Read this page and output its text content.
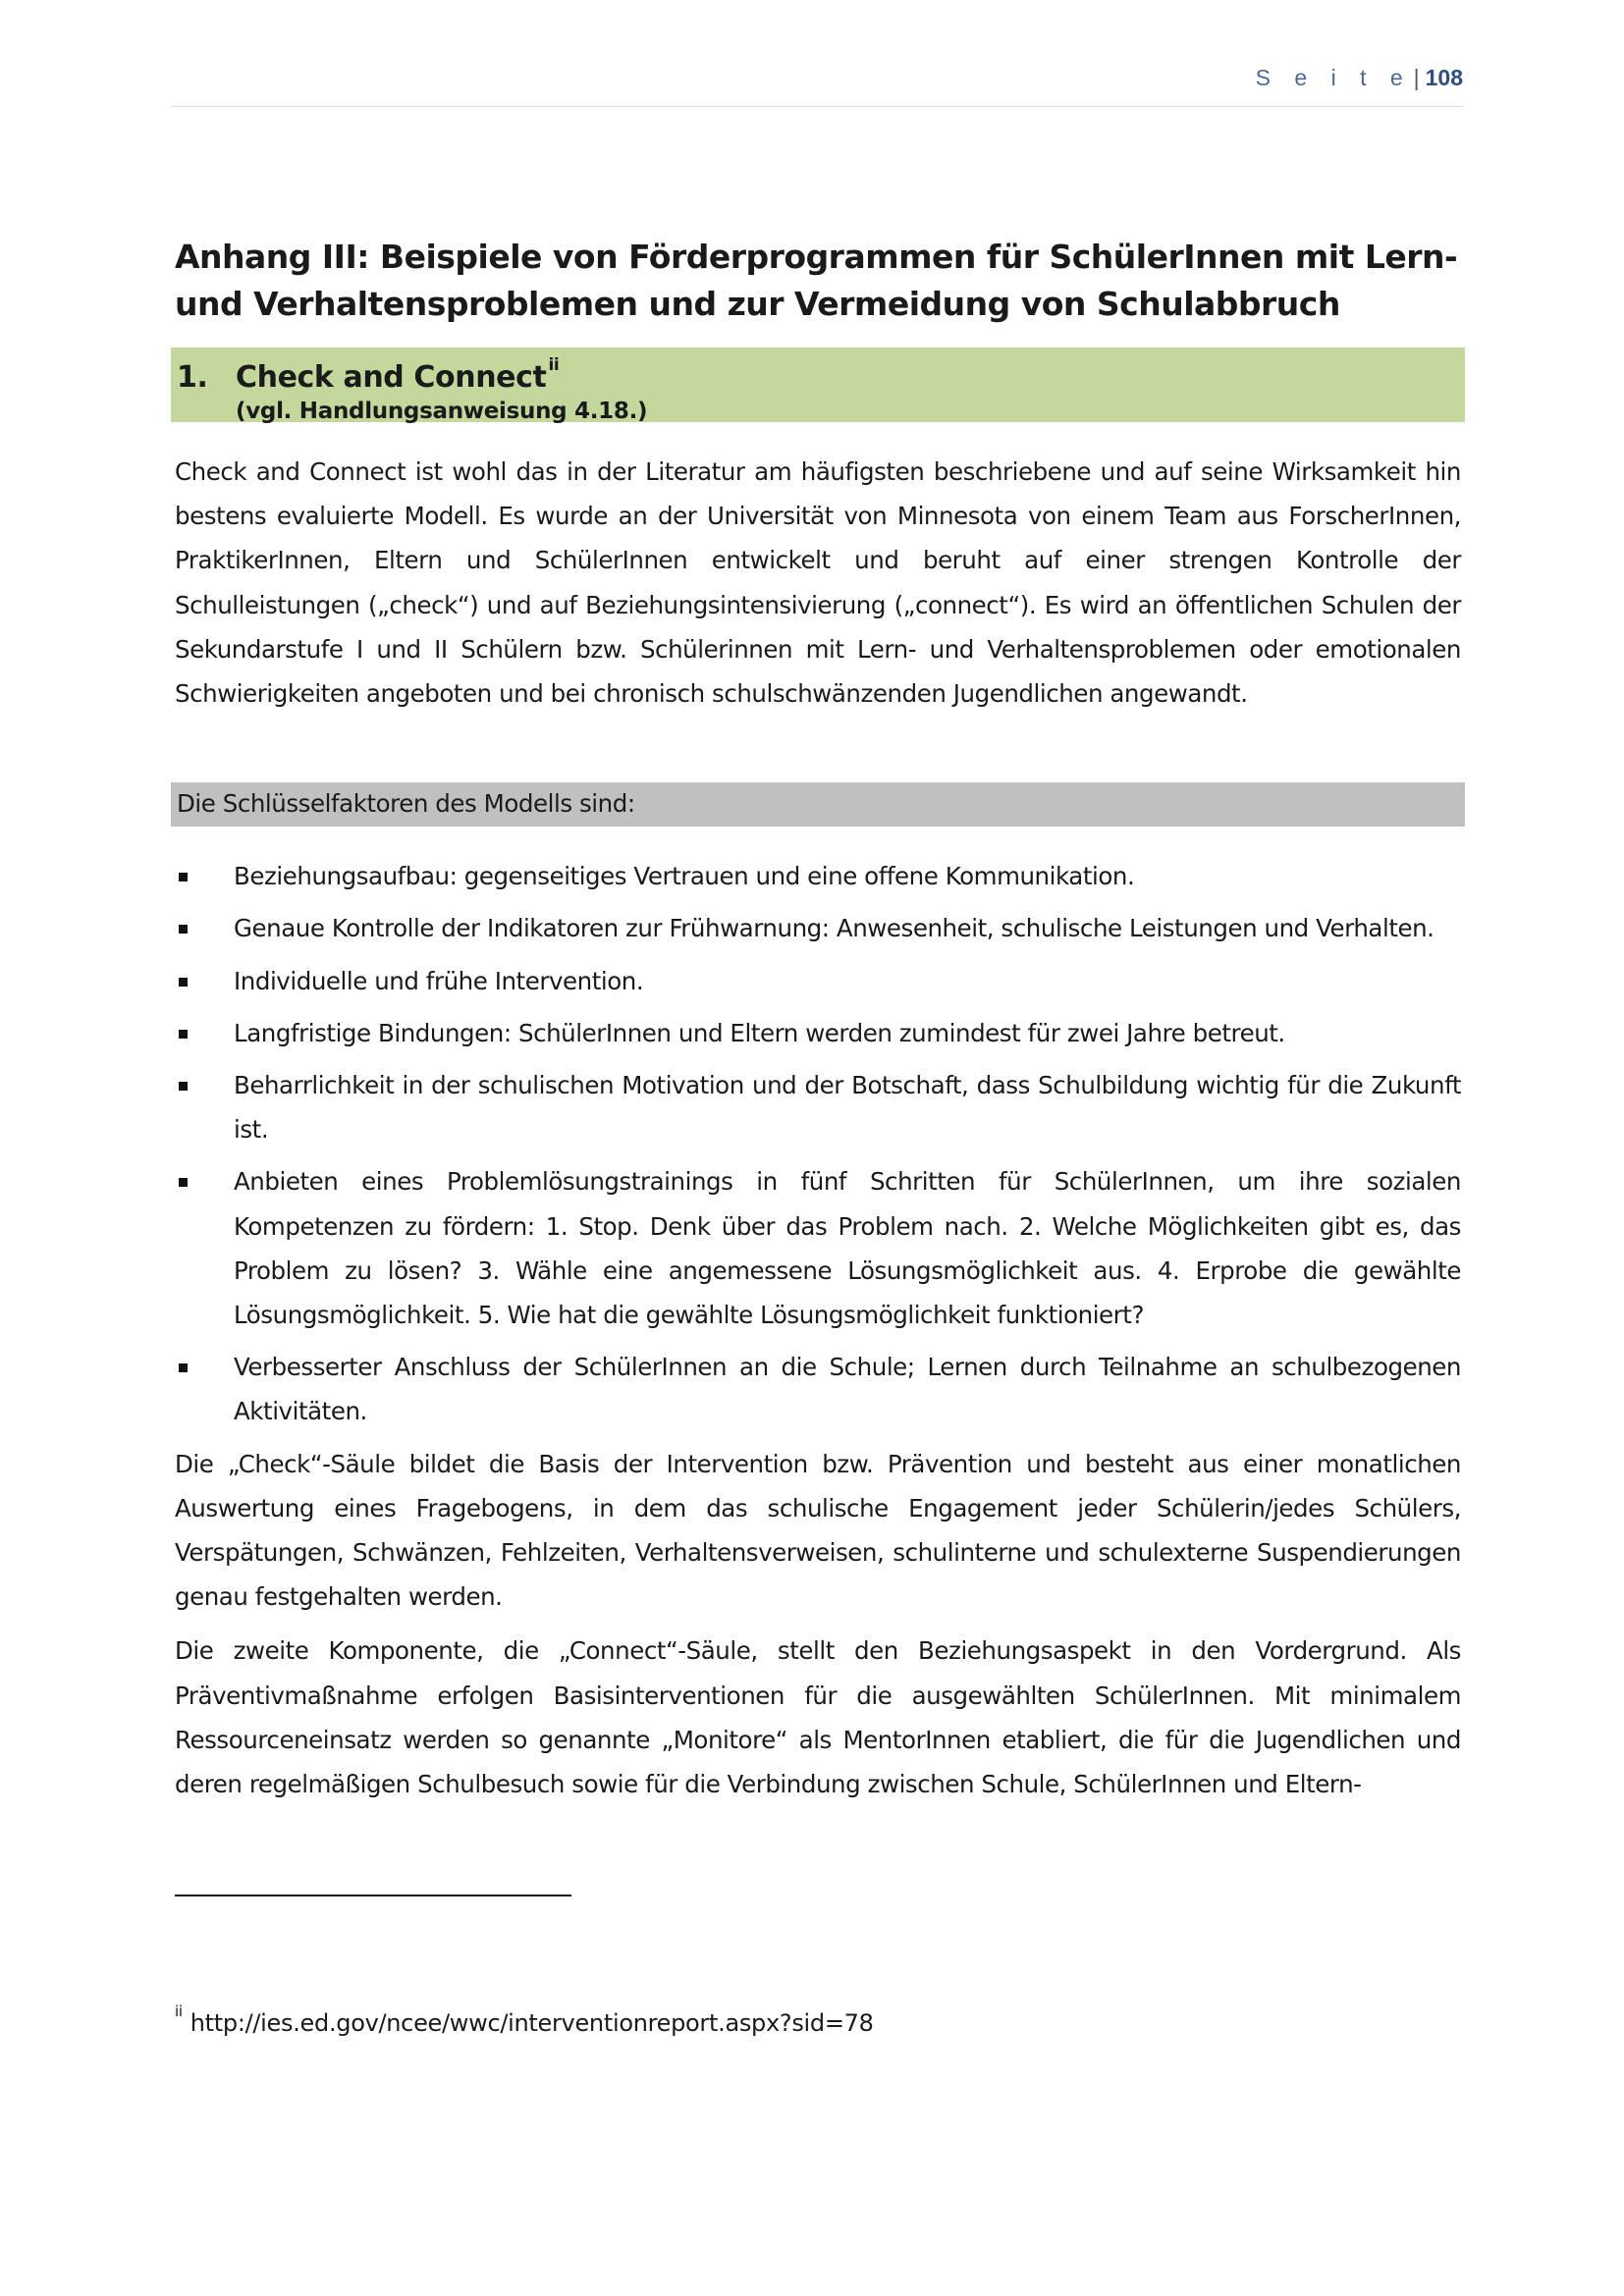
S e i t e| 108
Anhang III: Beispiele von Förderprogrammen für SchülerInnen mit Lern- und Verhaltensproblemen und zur Vermeidung von Schulabbruch
1. Check and Connect $^{ii}$
(vgl. Handlungsanweisung 4.18.)

Check and Connect ist wohl das in der Literatur am häufigsten beschriebene und auf seine Wirksamkeit hin bestens evaluierte Modell. Es wurde an der Universität von Minnesota von einem Team aus ForscherInnen, PraktikerInnen, Eltern und SchülerInnen entwickelt und beruht auf einer strengen Kontrolle der Schulleistungen („check“) und auf Beziehungsintensivierung („connect“). Es wird an öffentlichen Schulen der Sekundarstufe I und II Schülern bzw. Schülerinnen mit Lern- und Verhaltensproblemen oder emotionalen Schwierigkeiten angeboten und bei chronisch schulschwänzenden Jugendlichen angewandt.

Die Schlüsselfaktoren des Modells sind:
Beziehungsaufbau: gegenseitiges Vertrauen und eine offene Kommunikation.
Genaue Kontrolle der Indikatoren zur Frühwarnung: Anwesenheit, schulische Leistungen und Verhalten.
Individuelle und frühe Intervention.
Langfristige Bindungen: SchülerInnen und Eltern werden zumindest für zwei Jahre betreut.
Beharrlichkeit in der schulischen Motivation und der Botschaft, dass Schulbildung wichtig für die Zukunft ist.
Anbieten eines Problemlösungstrainings in fünf Schritten für SchülerInnen, um ihre sozialen Kompetenzen zu fördern: 1. Stop. Denk über das Problem nach. 2. Welche Möglichkeiten gibt es, das Problem zu lösen? 3. Wähle eine angemessene Lösungsmöglichkeit aus. 4. Erprobe die gewählte Lösungsmöglichkeit. 5. Wie hat die gewählte Lösungsmöglichkeit funktioniert?
Verbesserter Anschluss der SchülerInnen an die Schule; Lernen durch Teilnahme an schulbezogenen Aktivitäten.

Die „Check“-Säule bildet die Basis der Intervention bzw. Prävention und besteht aus einer monatlichen Auswertung eines Fragebogens, in dem das schulische Engagement jeder Schülerin/jedes Schülers, Verspätungen, Schwänzen, Fehlzeiten, Verhaltensverweisen, schulinterne und schulexterne Suspendierungen genau festgehalten werden.

Die zweite Komponente, die „Connect“-Säule, stellt den Beziehungsaspekt in den Vordergrund. Als Präventivmaßnahme erfolgen Basisinterventionen für die ausgewählten SchülerInnen. Mit minimalem Ressourceneinsatz werden so genannte „Monitore“ als MentorInnen etabliert, die für die Jugendlichen und deren regelmäßigen Schulbesuch sowie für die Verbindung zwischen Schule, SchülerInnen und Eltern-

$^{ii}$ http://ies.ed.gov/ncee/wwc/interventionreport.aspx?sid=78
